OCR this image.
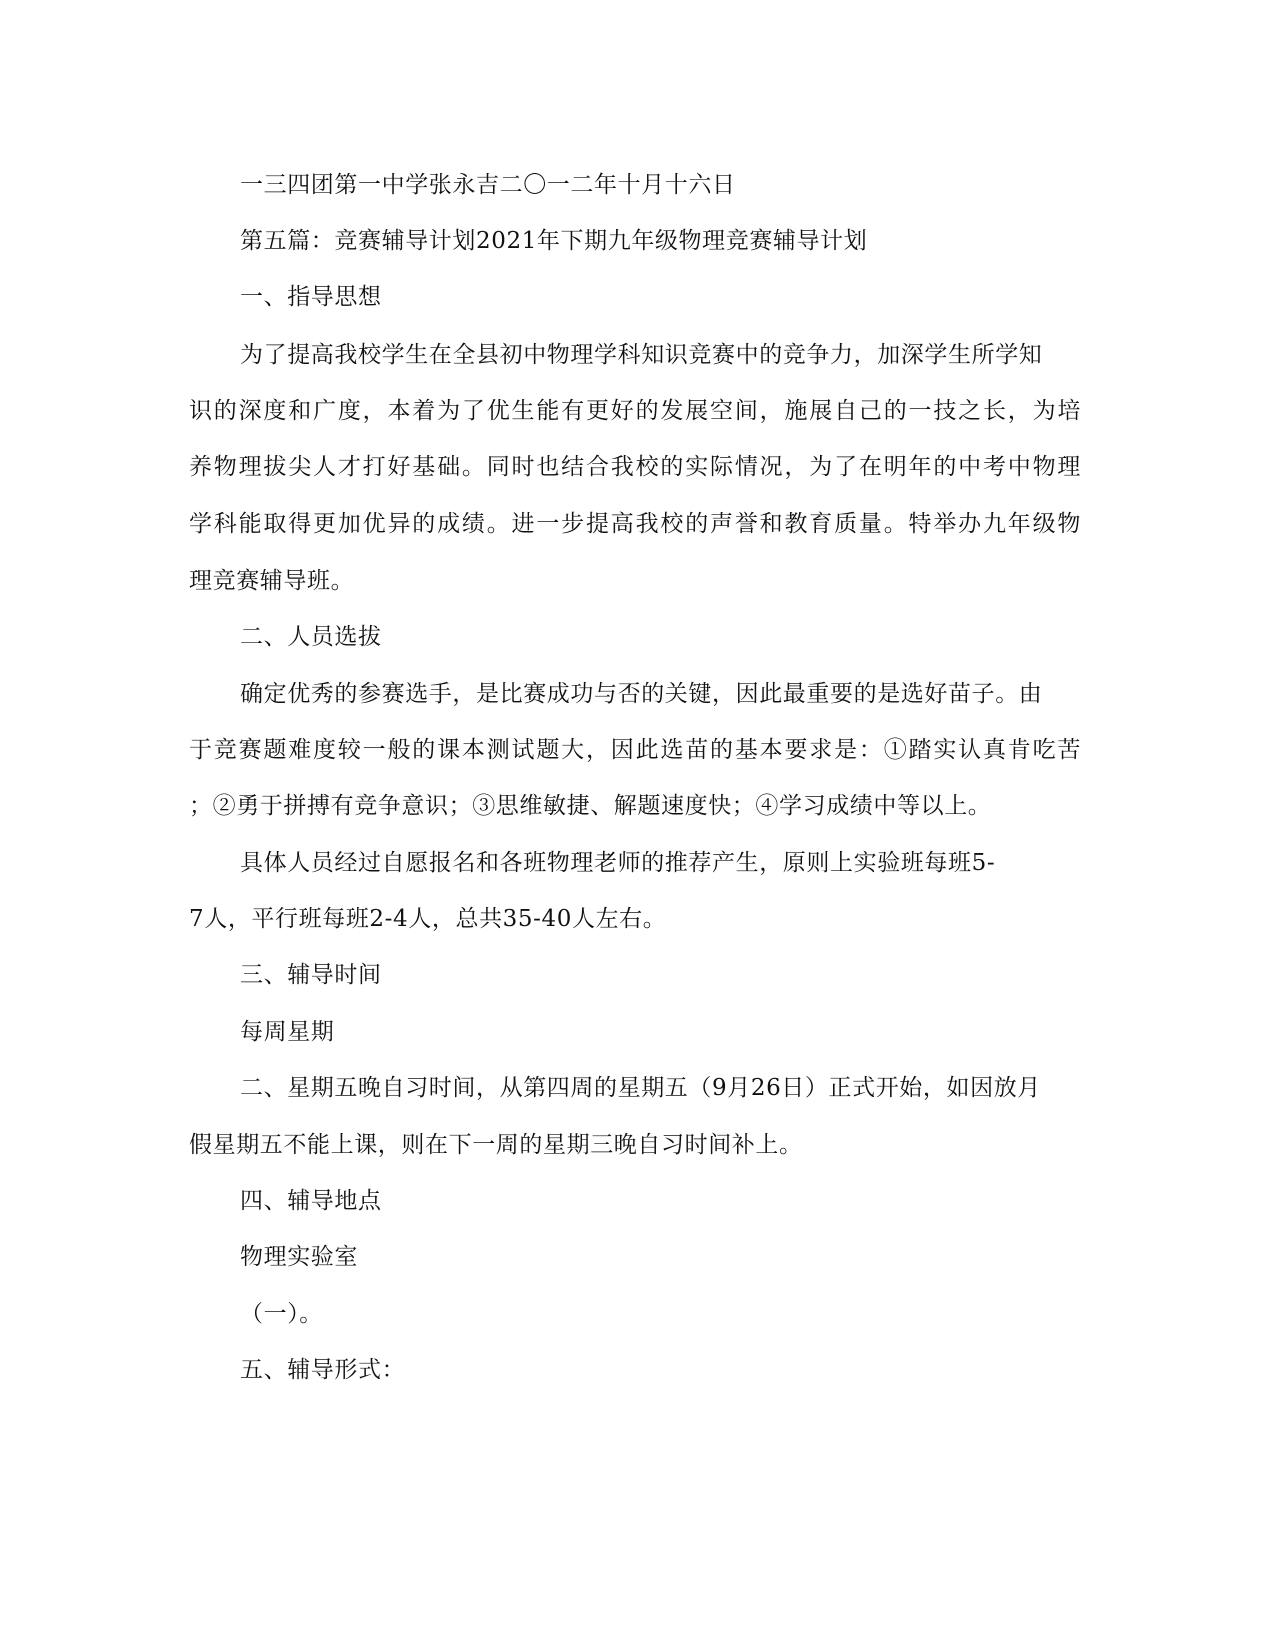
一三四团第一中学张永吉二〇一二年十月十六日
第五篇：竞赛辅导计划2021年下期九年级物理竞赛辅导计划
一、指导思想
为了提高我校学生在全县初中物理学科知识竞赛中的竞争力，加深学生所学知
识的深度和广度，本着为了优生能有更好的发展空间，施展自己的一技之长，为培
养物理拔尖人才打好基础。同时也结合我校的实际情况，为了在明年的中考中物理
学科能取得更加优异的成绩。进一步提高我校的声誉和教育质量。特举办九年级物
理竞赛辅导班。
二、人员选拔
确定优秀的参赛选手，是比赛成功与否的关键，因此最重要的是选好苗子。由
于竞赛题难度较一般的课本测试题大，因此选苗的基本要求是：①踏实认真肯吃苦
；②勇于拼搏有竞争意识；③思维敏捷、解题速度快；④学习成绩中等以上。
具体人员经过自愿报名和各班物理老师的推荐产生，原则上实验班每班5-
7人，平行班每班2-4人，总共35-40人左右。
三、辅导时间
每周星期
二、星期五晚自习时间，从第四周的星期五（9月26日）正式开始，如因放月
假星期五不能上课，则在下一周的星期三晚自习时间补上。
四、辅导地点
物理实验室
（一）。
五、辅导形式：
